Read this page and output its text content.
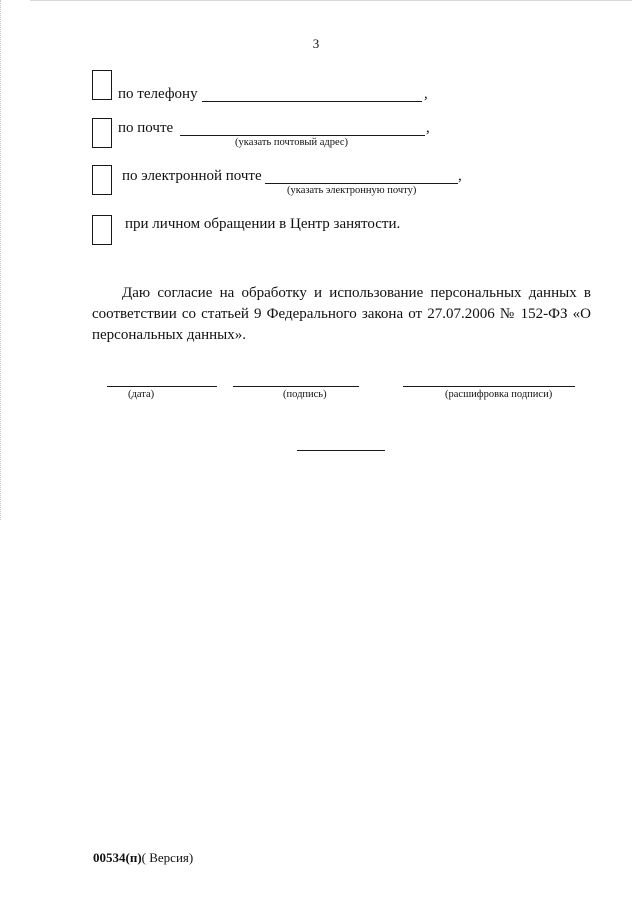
3
по телефону	,
по почте	,
(указать почтовый адрес)
по электронной почте	,
(указать электронную почту)
при личном обращении в Центр занятости.

Даю согласие на обработку и использование персональных данных в соответствии со статьей 9 Федерального закона от 27.07.2006 № 152-ФЗ «О персональных данных».

(дата)	(подпись)	(расшифровка подписи)
00534(п)( Версия)
